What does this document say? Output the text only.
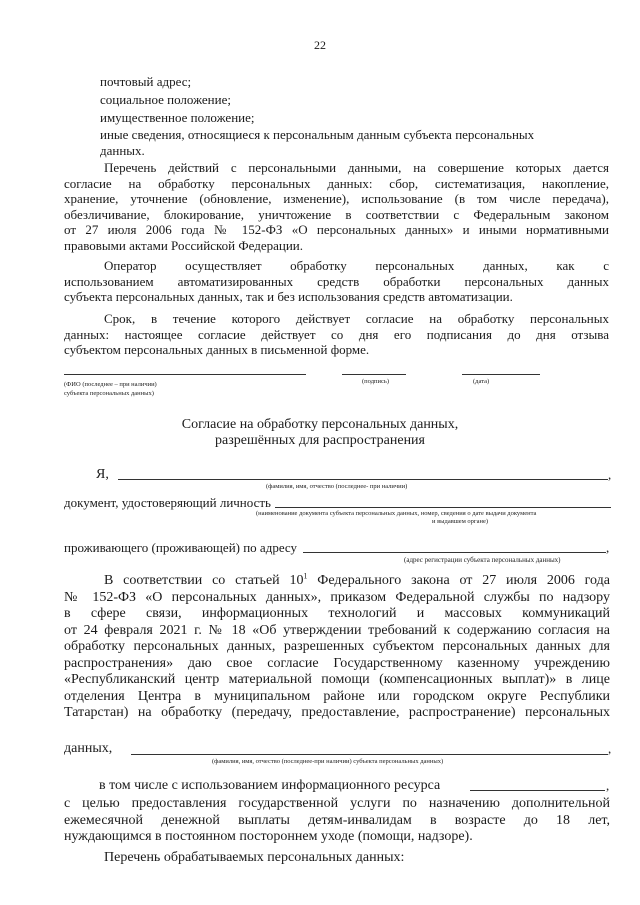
22
почтовый адрес;
социальное положение;
имущественное положение;
иные сведения, относящиеся к персональным данным субъекта персональных
данных.
Перечень действий с персональными данными, на совершение которых дается
согласие на обработку персональных данных: сбор, систематизация, накопление,
хранение, уточнение (обновление, изменение), использование (в том числе передача),
обезличивание, блокирование, уничтожение в соответствии с Федеральным законом
от 27 июля 2006 года № 152-ФЗ «О персональных данных» и иными нормативными
правовыми актами Российской Федерации.
Оператор осуществляет обработку персональных данных, как с
использованием автоматизированных средств обработки персональных данных
субъекта персональных данных, так и без использования средств автоматизации.
Срок, в течение которого действует согласие на обработку персональных
данных: настоящее согласие действует со дня его подписания до дня отзыва
субъектом персональных данных в письменной форме.
(ФИО (последнее – при наличии)
субъекта персональных данных)
(подпись)	(дата)
Согласие на обработку персональных данных,
разрешённых для распространения
Я,	,
(фамилия, имя, отчество (последнее- при наличии)
документ, удостоверяющий личность
(наименование документа субъекта персональных данных, номер, сведения о дате выдачи документа
и выдавшем органе)
проживающего (проживающей) по адресу	,
(адрес регистрации субъекта персональных данных)
В соответствии со статьей $10^1$ Федерального закона от 27 июля 2006 года
№ 152-ФЗ «О персональных данных», приказом Федеральной службы по надзору
в сфере связи, информационных технологий и массовых коммуникаций
от 24 февраля 2021 г. № 18 «Об утверждении требований к содержанию согласия на
обработку персональных данных, разрешенных субъектом персональных данных для
распространения» даю свое согласие Государственному казенному учреждению
«Республиканский центр материальной помощи (компенсационных выплат)» в лице
отделения Центра в муниципальном районе или городском округе Республики
Татарстан) на обработку (передачу, предоставление, распространение) персональных
данных,	,
(фамилия, имя, отчество (последнее-при наличии) субъекта персональных данных)
в том числе с использованием информационного ресурса	,
с целью предоставления государственной услуги по назначению дополнительной
ежемесячной денежной выплаты детям-инвалидам в возрасте до 18 лет,
нуждающимся в постоянном постороннем уходе (помощи, надзоре).
Перечень обрабатываемых персональных данных:
